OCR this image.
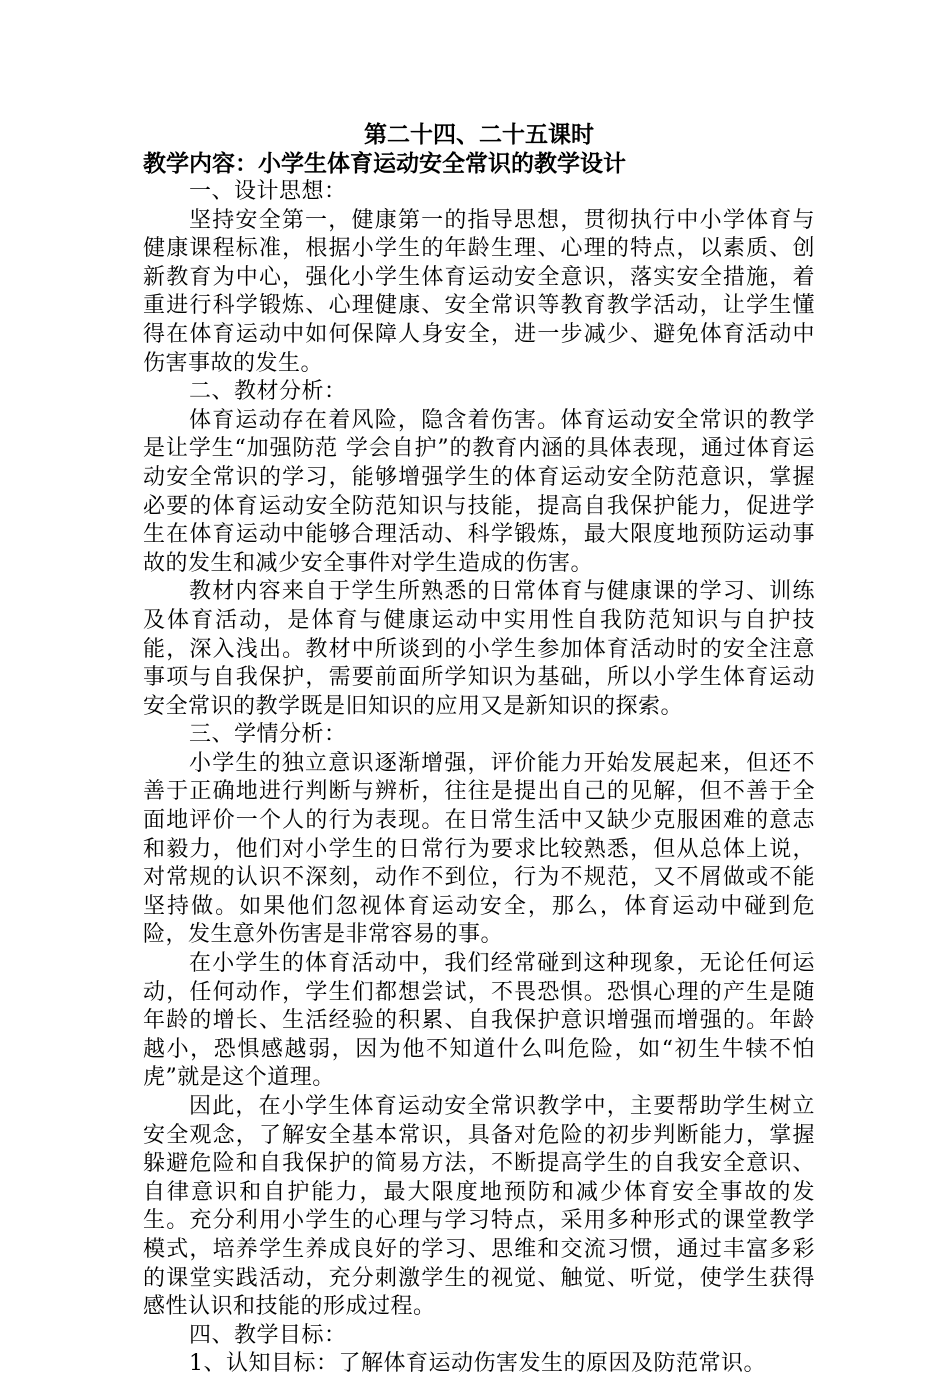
第二十四、二十五课时

教学内容：小学生体育运动安全常识的教学设计

一、设计思想：

坚持安全第一，健康第一的指导思想，贯彻执行中小学体育与健康课程标准，根据小学生的年龄生理、心理的特点，以素质、创新教育为中心，强化小学生体育运动安全意识，落实安全措施，着重进行科学锻炼、心理健康、安全常识等教育教学活动，让学生懂得在体育运动中如何保障人身安全，进一步减少、避免体育活动中伤害事故的发生。

二、教材分析：

体育运动存在着风险，隐含着伤害。体育运动安全常识的教学是让学生“加强防范 学会自护”的教育内涵的具体表现，通过体育运动安全常识的学习，能够增强学生的体育运动安全防范意识，掌握必要的体育运动安全防范知识与技能，提高自我保护能力，促进学生在体育运动中能够合理活动、科学锻炼，最大限度地预防运动事故的发生和减少安全事件对学生造成的伤害。

教材内容来自于学生所熟悉的日常体育与健康课的学习、训练及体育活动，是体育与健康运动中实用性自我防范知识与自护技能，深入浅出。教材中所谈到的小学生参加体育活动时的安全注意事项与自我保护，需要前面所学知识为基础，所以小学生体育运动安全常识的教学既是旧知识的应用又是新知识的探索。

三、学情分析：

小学生的独立意识逐渐增强，评价能力开始发展起来，但还不善于正确地进行判断与辨析，往往是提出自己的见解，但不善于全面地评价一个人的行为表现。在日常生活中又缺少克服困难的意志和毅力，他们对小学生的日常行为要求比较熟悉，但从总体上说，对常规的认识不深刻，动作不到位，行为不规范，又不屑做或不能坚持做。如果他们忽视体育运动安全，那么，体育运动中碰到危险，发生意外伤害是非常容易的事。

在小学生的体育活动中，我们经常碰到这种现象，无论任何运动，任何动作，学生们都想尝试，不畏恐惧。恐惧心理的产生是随年龄的增长、生活经验的积累、自我保护意识增强而增强的。年龄越小，恐惧感越弱，因为他不知道什么叫危险，如“初生牛犊不怕虎”就是这个道理。

因此，在小学生体育运动安全常识教学中，主要帮助学生树立安全观念，了解安全基本常识，具备对危险的初步判断能力，掌握躲避危险和自我保护的简易方法，不断提高学生的自我安全意识、自律意识和自护能力，最大限度地预防和减少体育安全事故的发生。充分利用小学生的心理与学习特点，采用多种形式的课堂教学模式，培养学生养成良好的学习、思维和交流习惯，通过丰富多彩的课堂实践活动，充分刺激学生的视觉、触觉、听觉，使学生获得感性认识和技能的形成过程。

四、教学目标：

1、认知目标：了解体育运动伤害发生的原因及防范常识。
